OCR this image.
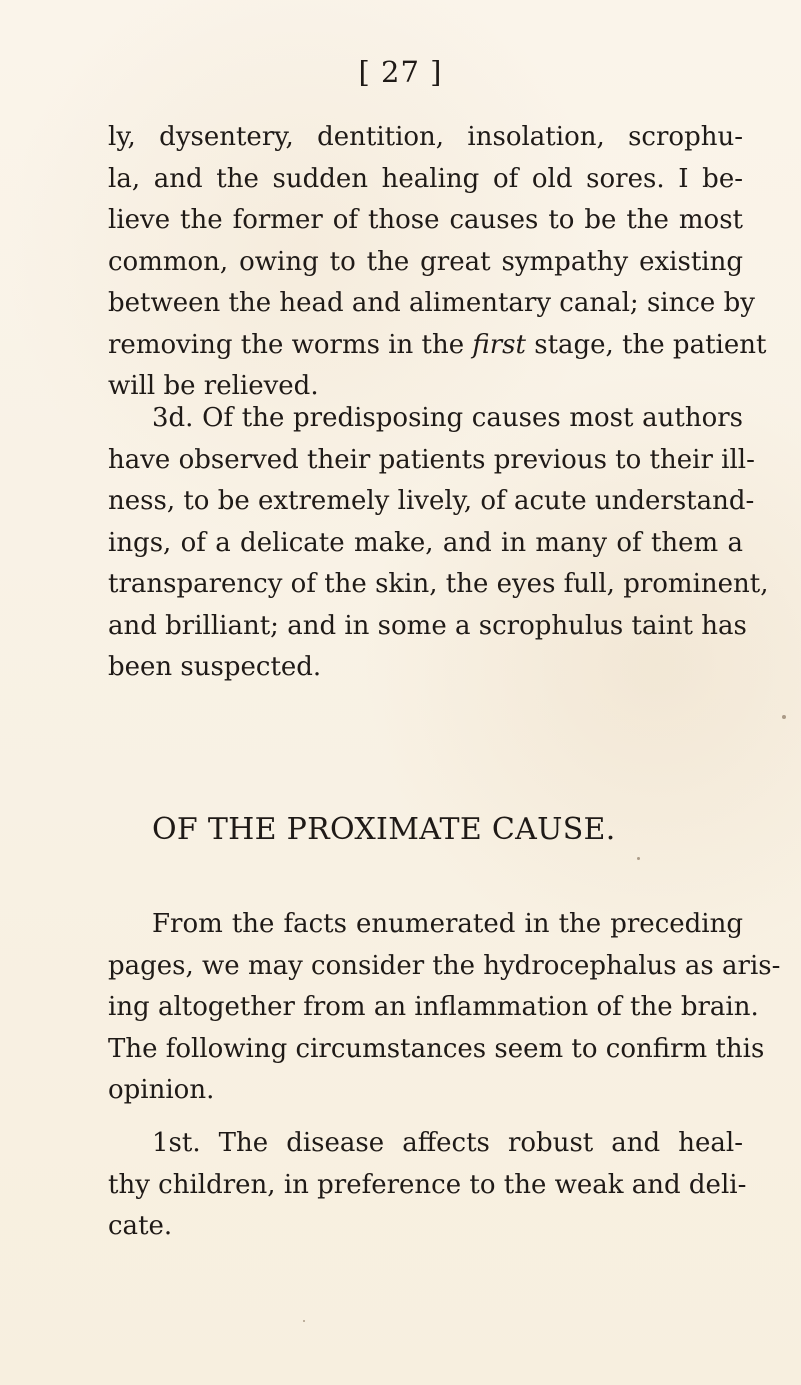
[ 27 ]
ly, dysentery, dentition, insolation, scrophu-
la, and the sudden healing of old sores. I be-
lieve the former of those causes to be the most
common, owing to the great sympathy existing
between the head and alimentary canal; since by
removing the worms in the first stage, the patient
will be relieved.
3d. Of the predisposing causes most authors
have observed their patients previous to their ill-
ness, to be extremely lively, of acute understand-
ings, of a delicate make, and in many of them a
transparency of the skin, the eyes full, prominent,
and brilliant; and in some a scrophulus taint has
been suspected.
OF THE PROXIMATE CAUSE.
From the facts enumerated in the preceding
pages, we may consider the hydrocephalus as aris-
ing altogether from an inflammation of the brain.
The following circumstances seem to confirm this
opinion.
1st. The disease affects robust and heal-
thy children, in preference to the weak and deli-
cate.
